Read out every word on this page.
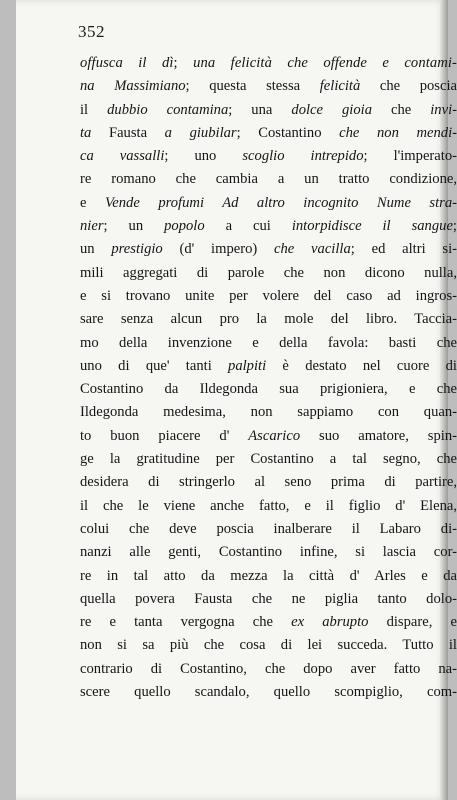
352
offusca il dì; una felicità che offende e contami-
na Massimiano; questa stessa felicità che poscia
il dubbio contamina; una dolce gioia che invi-
ta Fausta a giubilar; Costantino che non mendi-
ca vassalli; uno scoglio intrepido; l'imperato-
re romano che cambia a un tratto condizione,
e Vende profumi Ad altro incognito Nume stra-
nier; un popolo a cui intorpidisce il sangue;
un prestigio (d' impero) che vacilla; ed altri si-
mili aggregati di parole che non dicono nulla,
e si trovano unite per volere del caso ad ingros-
sare senza alcun pro la mole del libro. Taccia-
mo della invenzione e della favola: basti che
uno di que' tanti palpiti è destato nel cuore di
Costantino da Ildegonda sua prigioniera, e che
Ildegonda medesima, non sappiamo con quan-
to buon piacere d' Ascarico suo amatore, spin-
ge la gratitudine per Costantino a tal segno, che
desidera di stringerlo al seno prima di partire,
il che le viene anche fatto, e il figlio d' Elena,
colui che deve poscia inalberare il Labaro di-
nanzi alle genti, Costantino infine, si lascia cor-
re in tal atto da mezza la città d' Arles e da
quella povera Fausta che ne piglia tanto dolo-
re e tanta vergogna che ex abrupto dispare, e
non si sa più che cosa di lei succeda. Tutto il
contrario di Costantino, che dopo aver fatto na-
scere quello scandalo, quello scompiglio, com-
